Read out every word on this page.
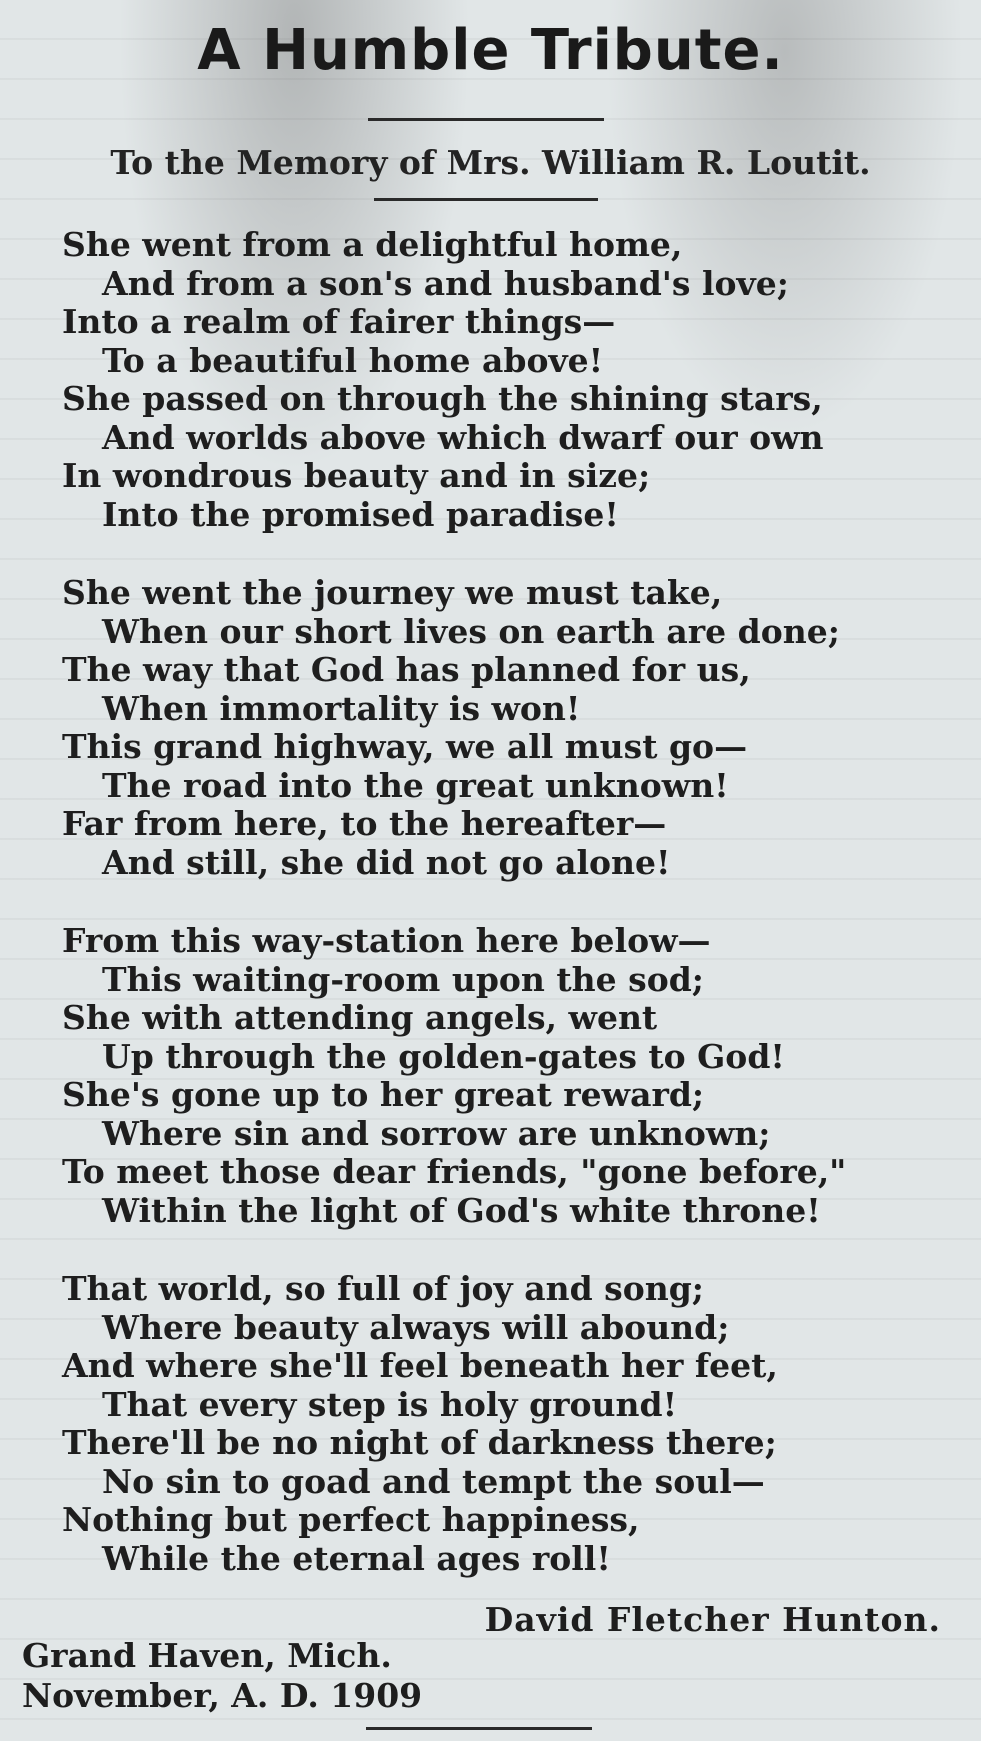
A Humble Tribute.
To the Memory of Mrs. William R. Loutit.
She went from a delightful home,
And from a son's and husband's love;
Into a realm of fairer things—
To a beautiful home above!
She passed on through the shining stars,
And worlds above which dwarf our own
In wondrous beauty and in size;
Into the promised paradise!
She went the journey we must take,
When our short lives on earth are done;
The way that God has planned for us,
When immortality is won!
This grand highway, we all must go—
The road into the great unknown!
Far from here, to the hereafter—
And still, she did not go alone!
From this way-station here below—
This waiting-room upon the sod;
She with attending angels, went
Up through the golden-gates to God!
She's gone up to her great reward;
Where sin and sorrow are unknown;
To meet those dear friends, "gone before,"
Within the light of God's white throne!
That world, so full of joy and song;
Where beauty always will abound;
And where she'll feel beneath her feet,
That every step is holy ground!
There'll be no night of darkness there;
No sin to goad and tempt the soul—
Nothing but perfect happiness,
While the eternal ages roll!
David Fletcher Hunton.
Grand Haven, Mich.
November, A. D. 1909
